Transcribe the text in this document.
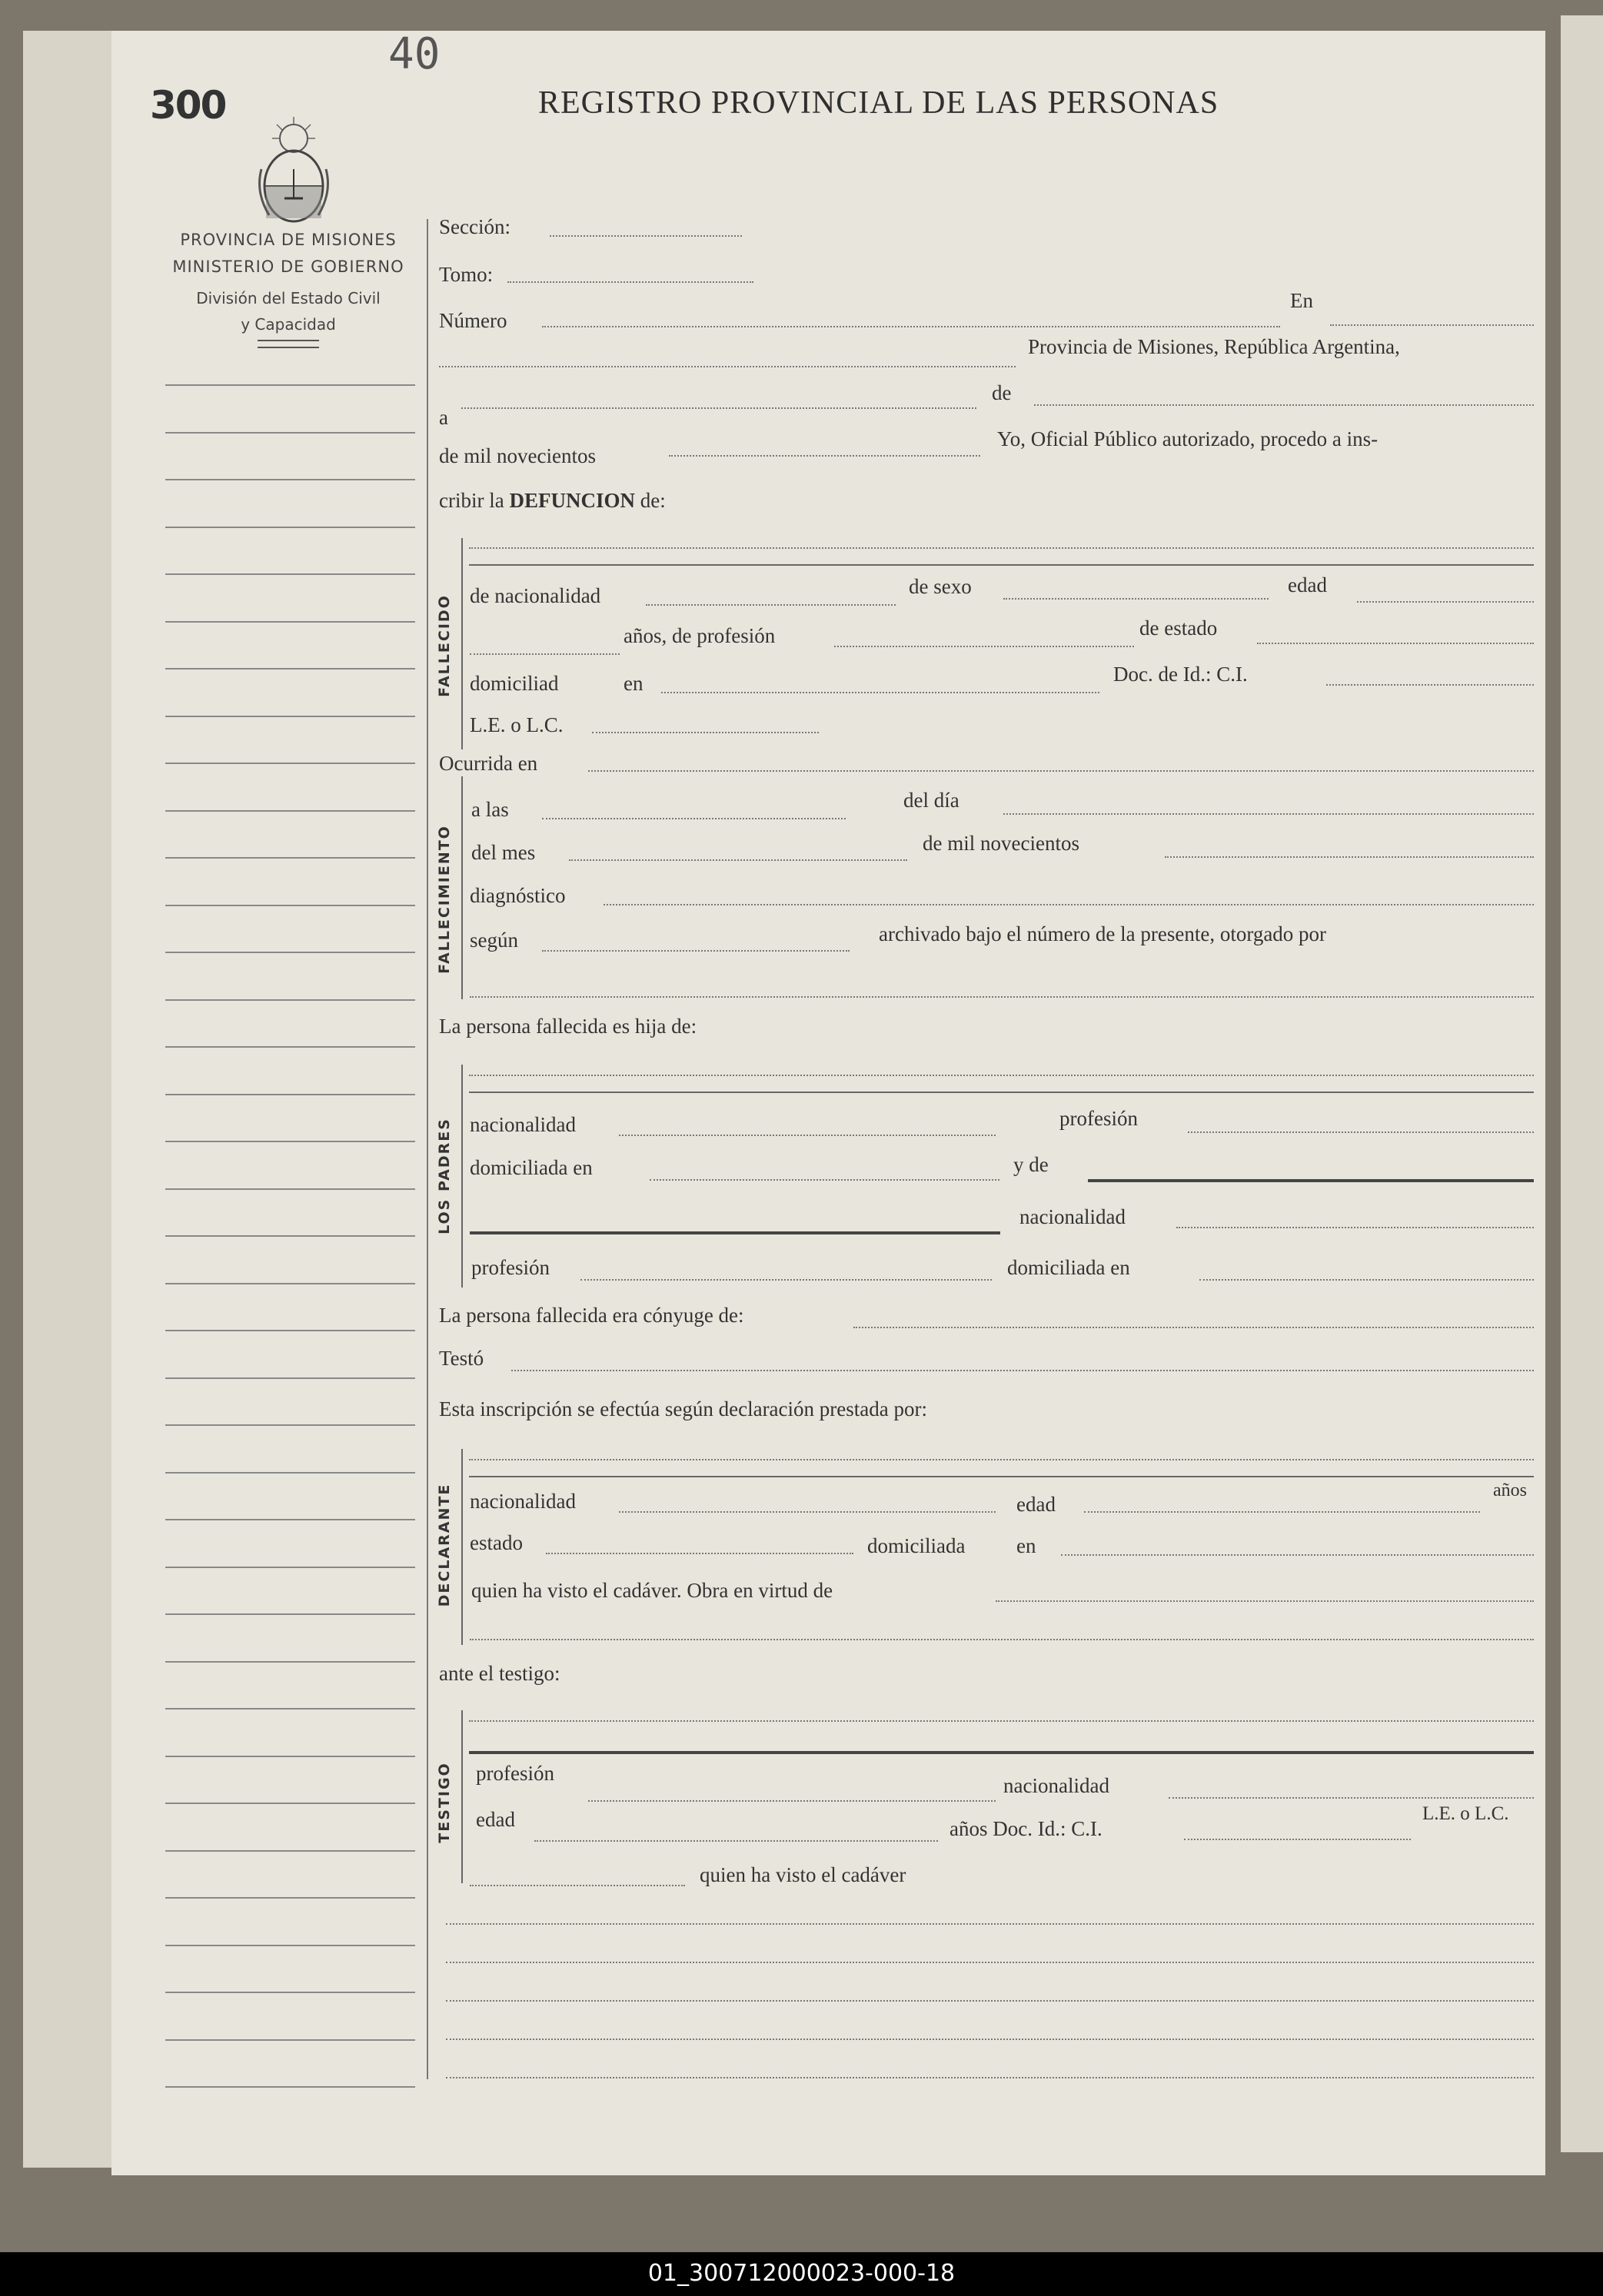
40
300	REGISTRO PROVINCIAL DE LAS PERSONAS
PROVINCIA DE MISIONES
MINISTERIO DE GOBIERNO
División del Estado Civil
y Capacidad
Sección:
Tomo:
Número
En
Provincia de Misiones, República Argentina,
a
de
de mil novecientos
Yo, Oficial Público autorizado, procedo a ins-
cribir la DEFUNCION de:
FALLECIDO de nacionalidad	de sexo	edad
años, de profesión	de estado
domiciliad	en	Doc. de Id.: C.I.
L.E. o L.C.
Ocurrida en
FALLECIMIENTO
a las	del día
del mes	de mil novecientos
diagnóstico
según	archivado bajo el número de la presente, otorgado por
La persona fallecida es hija de:
LOS PADRES nacionalidad	profesión
domiciliada en	y de
nacionalidad
profesión	domiciliada en
La persona fallecida era cónyuge de:
Testó
Esta inscripción se efectúa según declaración prestada por:
DECLARANTE nacionalidad	edad
años
estado	domiciliada en
quien ha visto el cadáver. Obra en virtud de
ante el testigo:
TESTIGO profesión
nacionalidad
edad	años Doc. Id.: C.I.
L.E. o L.C.
quien ha visto el cadáver
01_300712000023-000-18
